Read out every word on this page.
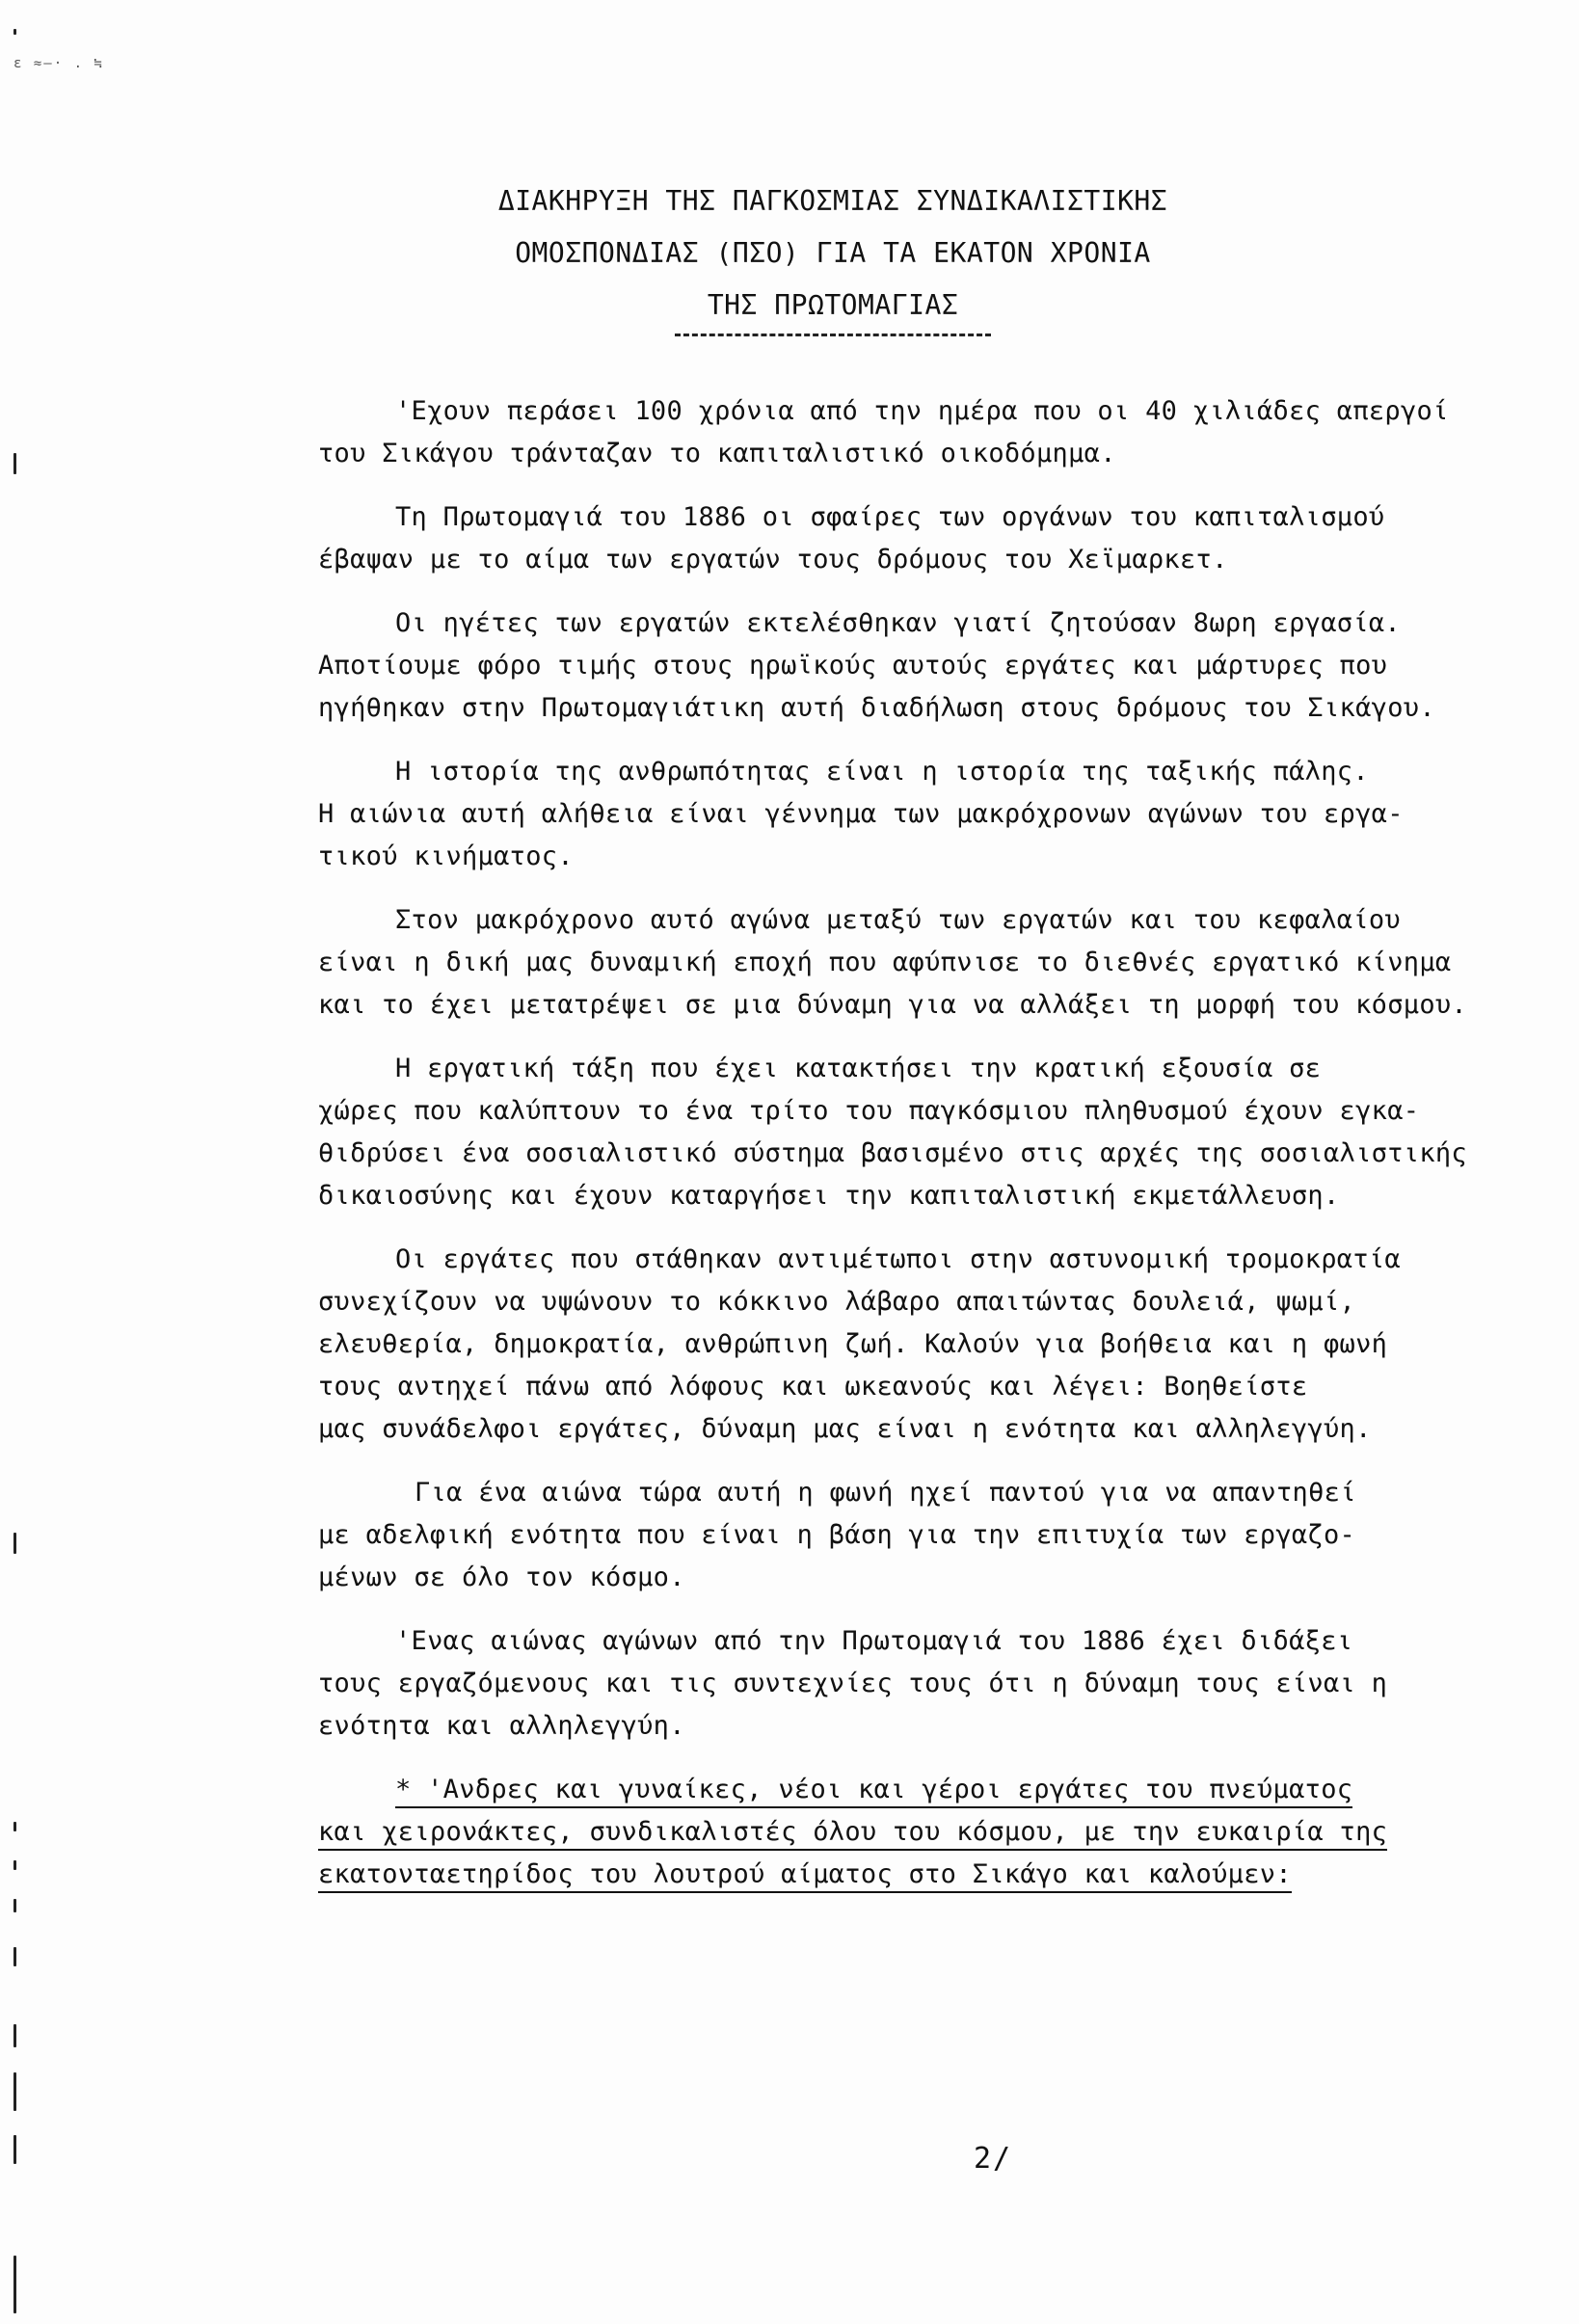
ε ≈–· . ≒
ΔΙΑΚΗΡΥΞΗ ΤΗΣ ΠΑΓΚΟΣΜΙΑΣ ΣΥΝΔΙΚΑΛΙΣΤΙΚΗΣ
ΟΜΟΣΠΟΝΔΙΑΣ (ΠΣΟ) ΓΙΑ ΤΑ ΕΚΑΤΟΝ ΧΡΟΝΙΑ
ΤΗΣ ΠΡΩΤΟΜΑΓΙΑΣ
'Εχουν περάσει 100 χρόνια από την ημέρα που οι 40 χιλιάδες απεργοί
του Σικάγου τράνταζαν το καπιταλιστικό οικοδόμημα.
Τη Πρωτομαγιά του 1886 οι σφαίρες των οργάνων του καπιταλισμού
έβαψαν με το αίμα των εργατών τους δρόμους του Χεϊμαρκετ.
Οι ηγέτες των εργατών εκτελέσθηκαν γιατί ζητούσαν 8ωρη εργασία.
Αποτίουμε φόρο τιμής στους ηρωϊκούς αυτούς εργάτες και μάρτυρες που
ηγήθηκαν στην Πρωτομαγιάτικη αυτή διαδήλωση στους δρόμους του Σικάγου.
Η ιστορία της ανθρωπότητας είναι η ιστορία της ταξικής πάλης.
Η αιώνια αυτή αλήθεια είναι γέννημα των μακρόχρονων αγώνων του εργα-
τικού κινήματος.
Στον μακρόχρονο αυτό αγώνα μεταξύ των εργατών και του κεφαλαίου
είναι η δική μας δυναμική εποχή που αφύπνισε το διεθνές εργατικό κίνημα
και το έχει μετατρέψει σε μια δύναμη για να αλλάξει τη μορφή του κόσμου.
Η εργατική τάξη που έχει κατακτήσει την κρατική εξουσία σε
χώρες που καλύπτουν το ένα τρίτο του παγκόσμιου πληθυσμού έχουν εγκα-
θιδρύσει ένα σοσιαλιστικό σύστημα βασισμένο στις αρχές της σοσιαλιστικής
δικαιοσύνης και έχουν καταργήσει την καπιταλιστική εκμετάλλευση.
Οι εργάτες που στάθηκαν αντιμέτωποι στην αστυνομική τρομοκρατία
συνεχίζουν να υψώνουν το κόκκινο λάβαρο απαιτώντας δουλειά, ψωμί,
ελευθερία, δημοκρατία, ανθρώπινη ζωή. Καλούν για βοήθεια και η φωνή
τους αντηχεί πάνω από λόφους και ωκεανούς και λέγει: Βοηθείστε
μας συνάδελφοι εργάτες, δύναμη μας είναι η ενότητα και αλληλεγγύη.
Για ένα αιώνα τώρα αυτή η φωνή ηχεί παντού για να απαντηθεί
με αδελφική ενότητα που είναι η βάση για την επιτυχία των εργαζο-
μένων σε όλο τον κόσμο.
'Ενας αιώνας αγώνων από την Πρωτομαγιά του 1886 έχει διδάξει
τους εργαζόμενους και τις συντεχνίες τους ότι η δύναμη τους είναι η
ενότητα και αλληλεγγύη.
* 'Ανδρες και γυναίκες, νέοι και γέροι εργάτες του πνεύματος
και χειρονάκτες, συνδικαλιστές όλου του κόσμου, με την ευκαιρία της
εκατονταετηρίδος του λουτρού αίματος στο Σικάγο και καλούμεν:
2/
